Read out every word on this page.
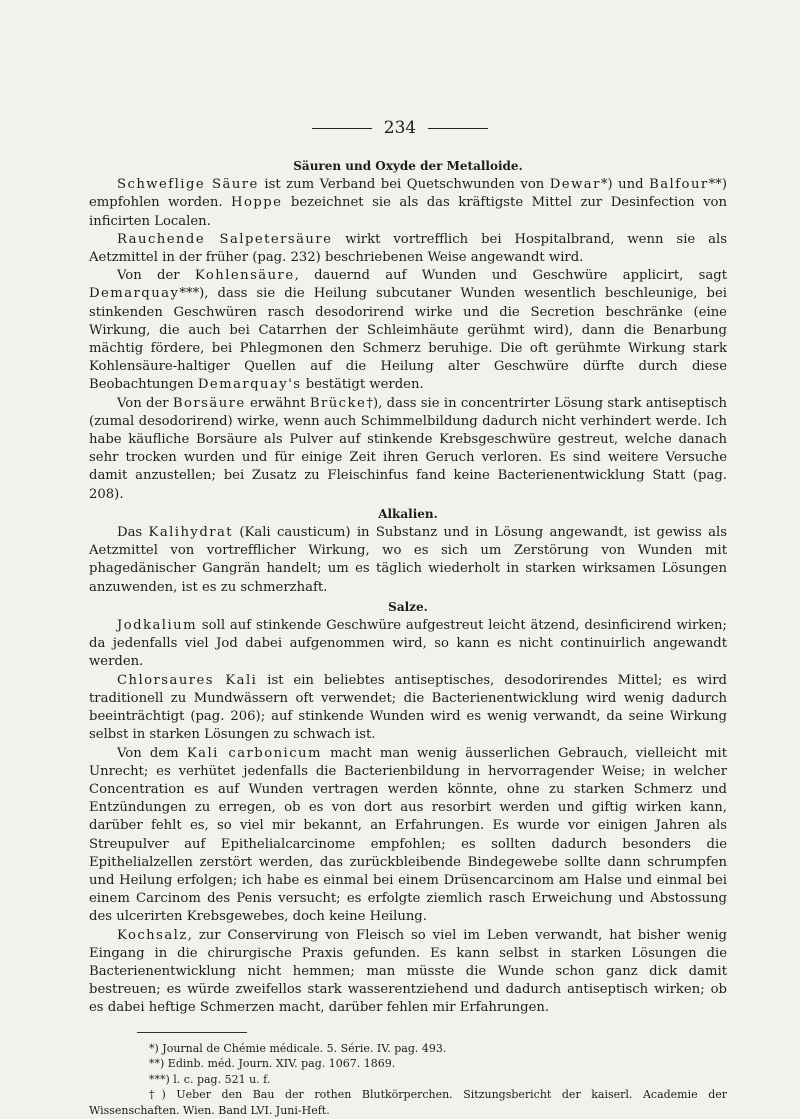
234
Säuren und Oxyde der Metalloide.

Schweflige Säure ist zum Verband bei Quetschwunden von Dewar*) und Balfour**) empfohlen worden. Hoppe bezeichnet sie als das kräftigste Mittel zur Desinfection von inficirten Localen.

Rauchende Salpetersäure wirkt vortrefflich bei Hospitalbrand, wenn sie als Aetzmittel in der früher (pag. 232) beschriebenen Weise angewandt wird.

Von der Kohlensäure, dauernd auf Wunden und Geschwüre applicirt, sagt Demarquay***), dass sie die Heilung subcutaner Wunden wesentlich beschleunige, bei stinkenden Geschwüren rasch desodorirend wirke und die Secretion beschränke (eine Wirkung, die auch bei Catarrhen der Schleimhäute gerühmt wird), dann die Benarbung mächtig fördere, bei Phlegmonen den Schmerz beruhige. Die oft gerühmte Wirkung stark Kohlensäure-haltiger Quellen auf die Heilung alter Geschwüre dürfte durch diese Beobachtungen Demarquay's bestätigt werden.

Von der Borsäure erwähnt Brücke†), dass sie in concentrirter Lösung stark antiseptisch (zumal desodorirend) wirke, wenn auch Schimmelbildung dadurch nicht verhindert werde. Ich habe käufliche Borsäure als Pulver auf stinkende Krebsgeschwüre gestreut, welche danach sehr trocken wurden und für einige Zeit ihren Geruch verloren. Es sind weitere Versuche damit anzustellen; bei Zusatz zu Fleischinfus fand keine Bacterienentwicklung Statt (pag. 208).

Alkalien.

Das Kalihydrat (Kali causticum) in Substanz und in Lösung angewandt, ist gewiss als Aetzmittel von vortrefflicher Wirkung, wo es sich um Zerstörung von Wunden mit phagedänischer Gangrän handelt; um es täglich wiederholt in starken wirksamen Lösungen anzuwenden, ist es zu schmerzhaft.

Salze.

Jodkalium soll auf stinkende Geschwüre aufgestreut leicht ätzend, desinficirend wirken; da jedenfalls viel Jod dabei aufgenommen wird, so kann es nicht continuirlich angewandt werden.

Chlorsaures Kali ist ein beliebtes antiseptisches, desodorirendes Mittel; es wird traditionell zu Mundwässern oft verwendet; die Bacterienentwicklung wird wenig dadurch beeinträchtigt (pag. 206); auf stinkende Wunden wird es wenig verwandt, da seine Wirkung selbst in starken Lösungen zu schwach ist.

Von dem Kali carbonicum macht man wenig äusserlichen Gebrauch, vielleicht mit Unrecht; es verhütet jedenfalls die Bacterienbildung in hervorragender Weise; in welcher Concentration es auf Wunden vertragen werden könnte, ohne zu starken Schmerz und Entzündungen zu erregen, ob es von dort aus resorbirt werden und giftig wirken kann, darüber fehlt es, so viel mir bekannt, an Erfahrungen. Es wurde vor einigen Jahren als Streupulver auf Epithelialcarcinome empfohlen; es sollten dadurch besonders die Epithelialzellen zerstört werden, das zurückbleibende Bindegewebe sollte dann schrumpfen und Heilung erfolgen; ich habe es einmal bei einem Drüsencarcinom am Halse und einmal bei einem Carcinom des Penis versucht; es erfolgte ziemlich rasch Erweichung und Abstossung des ulcerirten Krebsgewebes, doch keine Heilung.

Kochsalz, zur Conservirung von Fleisch so viel im Leben verwandt, hat bisher wenig Eingang in die chirurgische Praxis gefunden. Es kann selbst in starken Lösungen die Bacterienentwicklung nicht hemmen; man müsste die Wunde schon ganz dick damit bestreuen; es würde zweifellos stark wasserentziehend und dadurch antiseptisch wirken; ob es dabei heftige Schmerzen macht, darüber fehlen mir Erfahrungen.

*) Journal de Chémie médicale. 5. Série. IV. pag. 493.
**) Edinb. méd. Journ. XIV. pag. 1067. 1869.
***) l. c. pag. 521 u. f.
†) Ueber den Bau der rothen Blutkörperchen. Sitzungsbericht der kaiserl. Academie der Wissenschaften. Wien. Band LVI. Juni-Heft.
